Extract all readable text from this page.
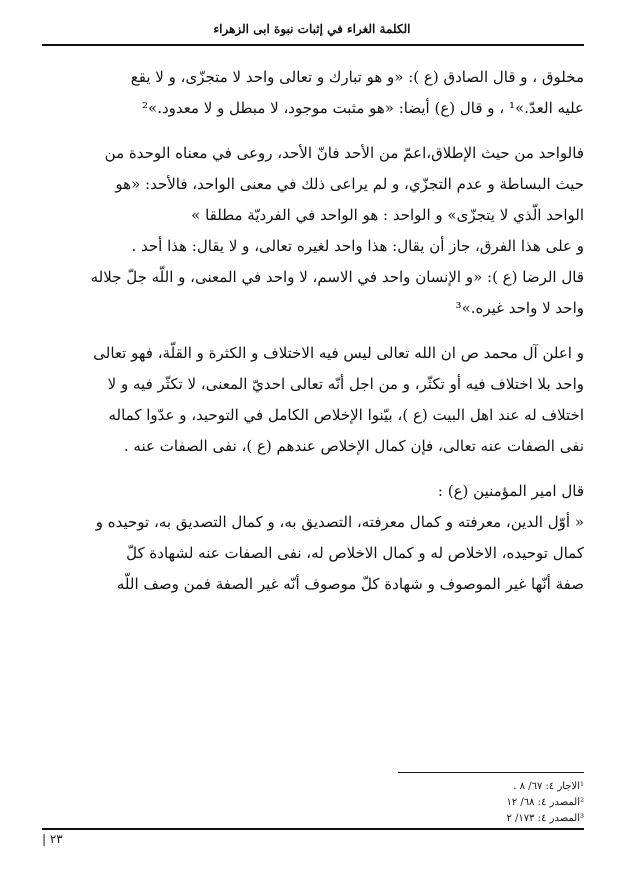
الكلمة الغراء في إثبات نبوة ابى الزهراء
مخلوق ، و قال الصادق (ع ): «و هو تبارك و تعالى واحد لا متجزّى، و لا يقع
عليه العدّ.»¹ ، و قال (ع) أيضا: «هو مثبت موجود، لا مبطل و لا معدود.»²
فالواحد من حيث الإطلاق،اعمّ من الأحد فانّ الأحد، روعى في معناه الوحدة من
حيث البساطة و عدم التجزّي، و لم يراعى ذلك في معنى الواحد، فالأحد: «هو
الواحد الّذي لا يتجزّى» و الواحد : هو الواحد في الفرديّة مطلقا »
و على هذا الفرق، جاز أن يقال: هذا واحد لغيره تعالى، و لا يقال: هذا أحد .
قال الرضا (ع ): «و الإنسان واحد في الاسم، لا واحد في المعنى، و اللّه جلّ جلاله
واحد لا واحد غيره.»³
و اعلن آل محمد ص ان الله تعالى ليس فيه الاختلاف و الكثرة و القلّة، فهو تعالى
واحد بلا اختلاف فيه أو تكثّر، و من اجل أنّه تعالى احديّ المعنى، لا تكثّر فيه و لا
اختلاف له عند اهل البيت (ع )، بيّنوا الإخلاص الكامل في التوحيد، و عدّوا كماله
نفى الصفات عنه تعالى، فإن كمال الإخلاص عندهم (ع )، نفى الصفات عنه .
قال امير المؤمنين (ع) :
« أوّل الدين، معرفته و كمال معرفته، التصديق به، و كمال التصديق به، توحيده و
كمال توحيده، الاخلاص له و كمال الاخلاص له، نفى الصفات عنه لشهادة كلّ
صفة أنّها غير الموصوف و شهادة كلّ موصوف أنّه غير الصفة فمن وصف اللّه
¹الاجار ٤: ٦٧/ ٨ .
²المصدر ٤: ٦٨/ ١٢
³المصدر ٤: ١٧٣/ ٢
٢٣ |
